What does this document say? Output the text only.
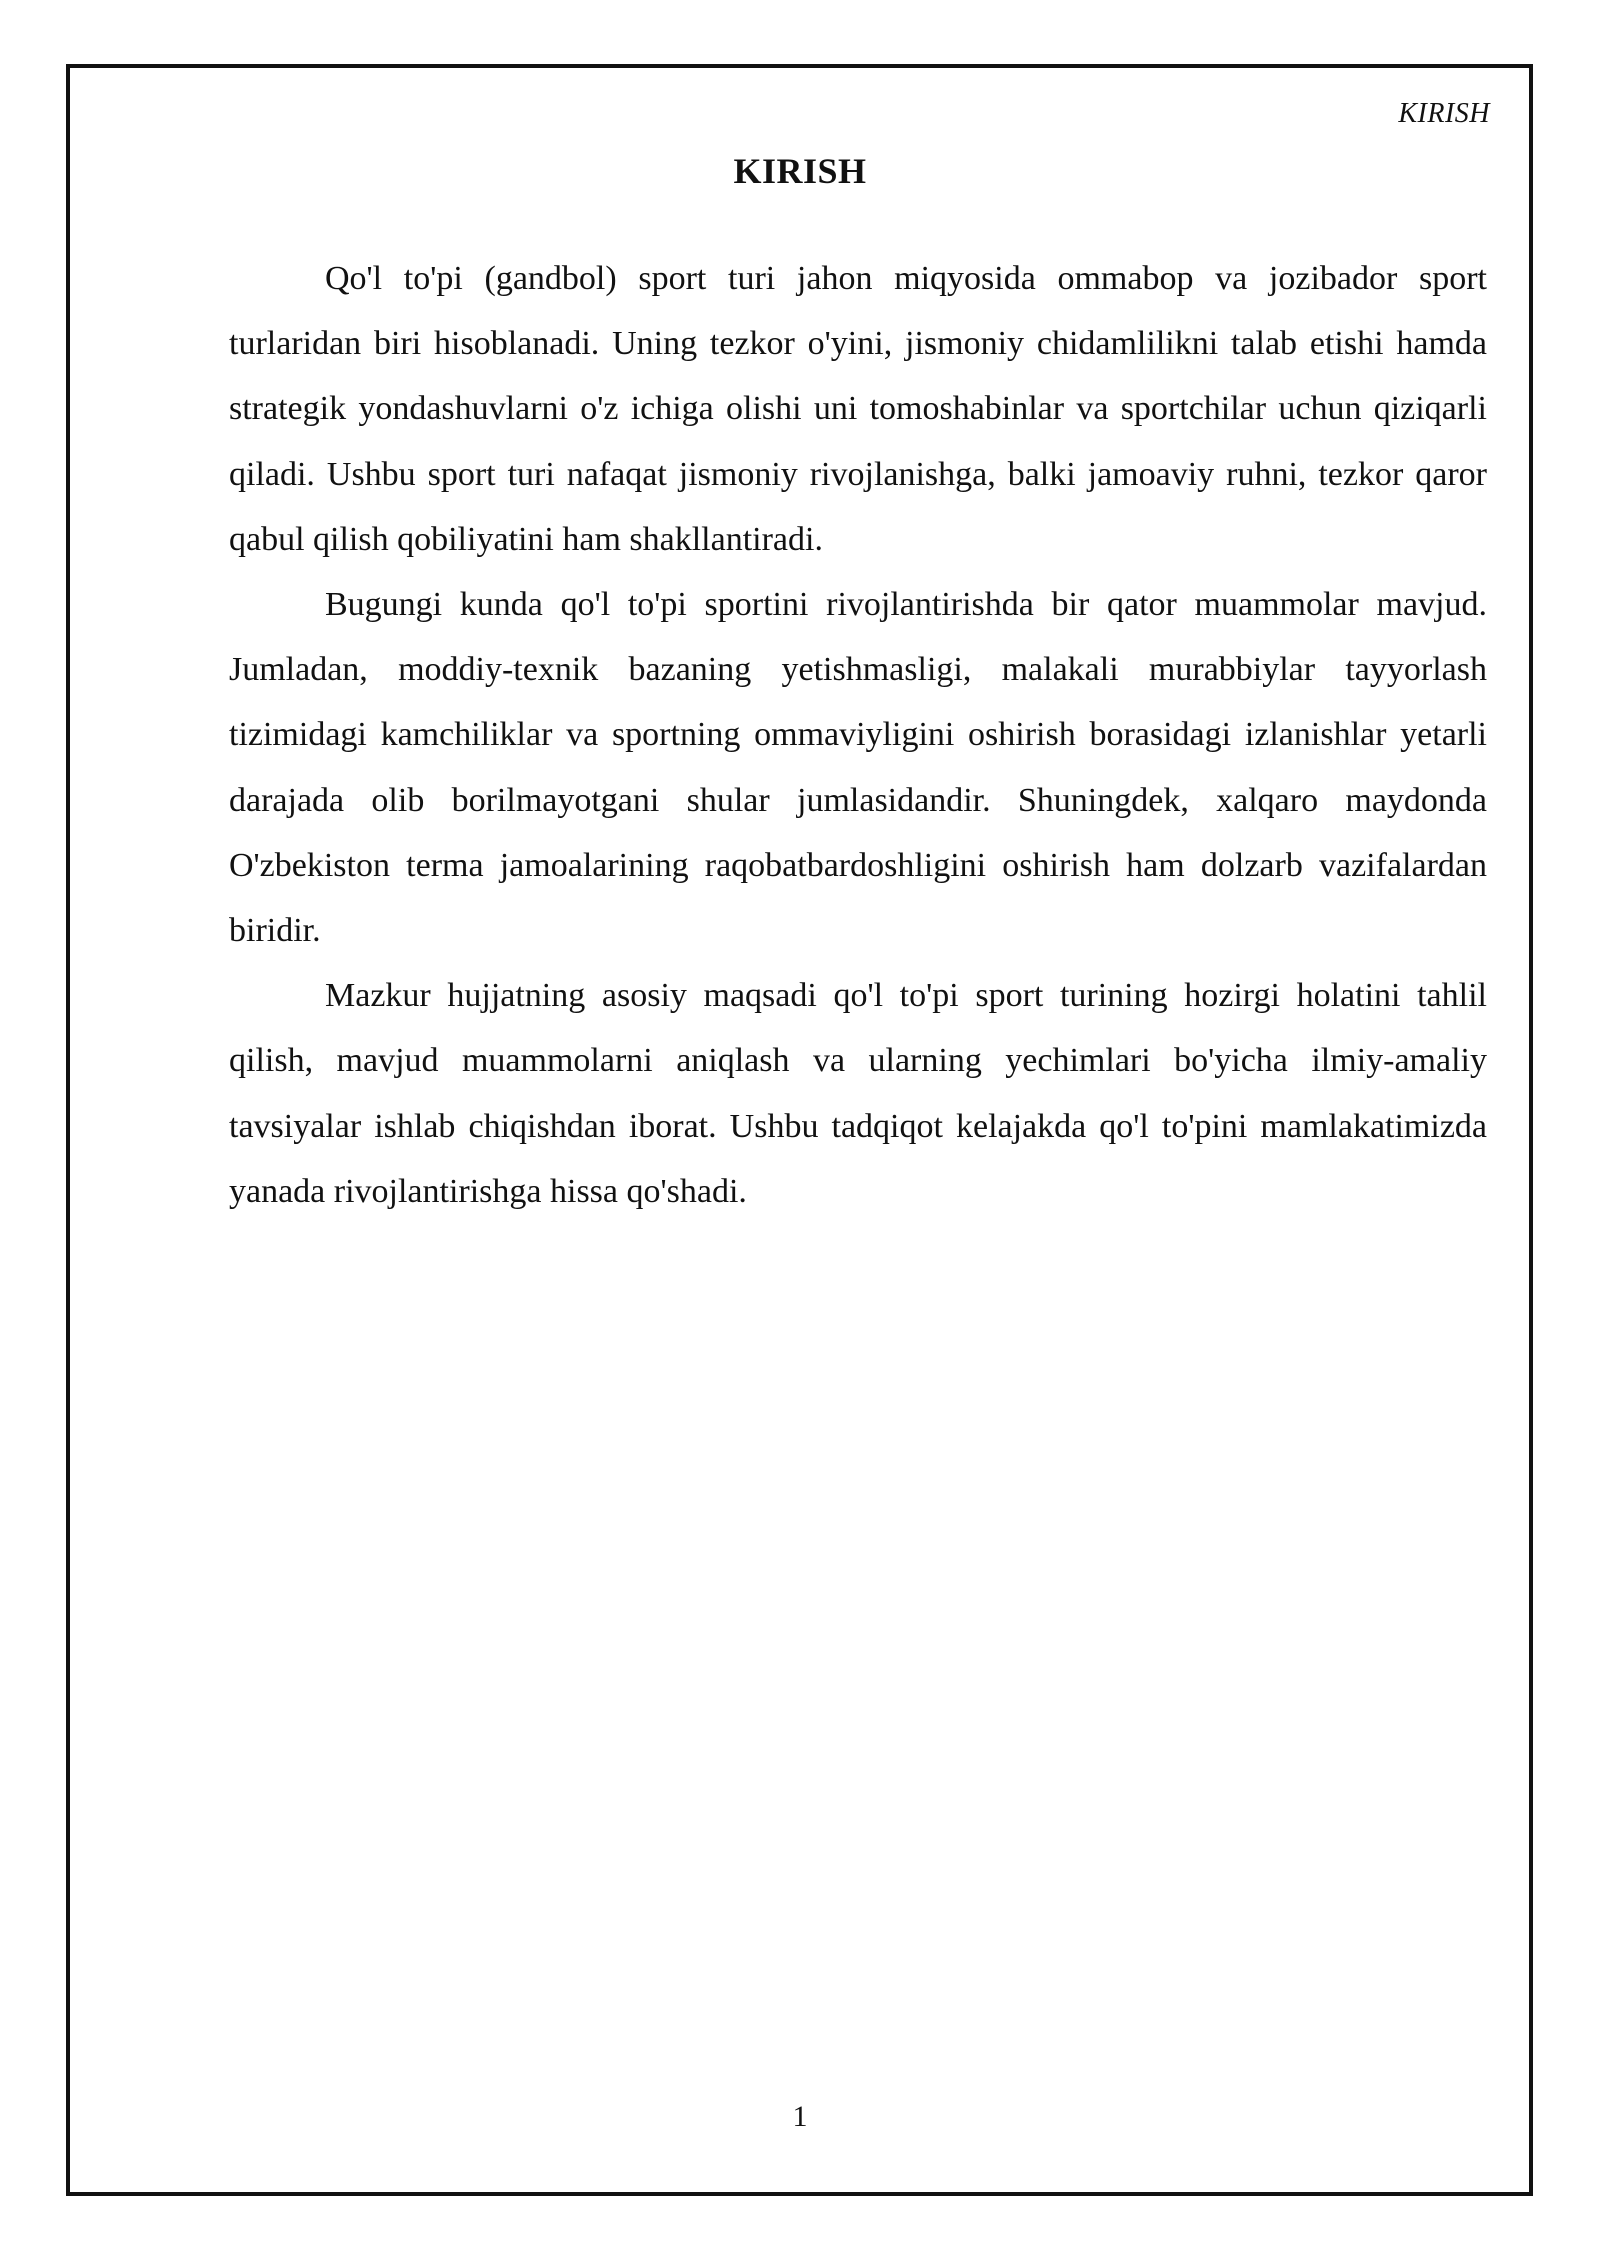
KIRISH
KIRISH

Qo'l to'pi (gandbol) sport turi jahon miqyosida ommabop va jozibador sport turlaridan biri hisoblanadi. Uning tezkor o'yini, jismoniy chidamlilikni talab etishi hamda strategik yondashuvlarni o'z ichiga olishi uni tomoshabinlar va sportchilar uchun qiziqarli qiladi. Ushbu sport turi nafaqat jismoniy rivojlanishga, balki jamoaviy ruhni, tezkor qaror qabul qilish qobiliyatini ham shakllantiradi.

Bugungi kunda qo'l to'pi sportini rivojlantirishda bir qator muammolar mavjud. Jumladan, moddiy-texnik bazaning yetishmasligi, malakali murabbiylar tayyorlash tizimidagi kamchiliklar va sportning ommaviyligini oshirish borasidagi izlanishlar yetarli darajada olib borilmayotgani shular jumlasidandir. Shuningdek, xalqaro maydonda O'zbekiston terma jamoalarining raqobatbardoshligini oshirish ham dolzarb vazifalardan biridir.

Mazkur hujjatning asosiy maqsadi qo'l to'pi sport turining hozirgi holatini tahlil qilish, mavjud muammolarni aniqlash va ularning yechimlari bo'yicha ilmiy-amaliy tavsiyalar ishlab chiqishdan iborat. Ushbu tadqiqot kelajakda qo'l to'pini mamlakatimizda yanada rivojlantirishga hissa qo'shadi.

1
